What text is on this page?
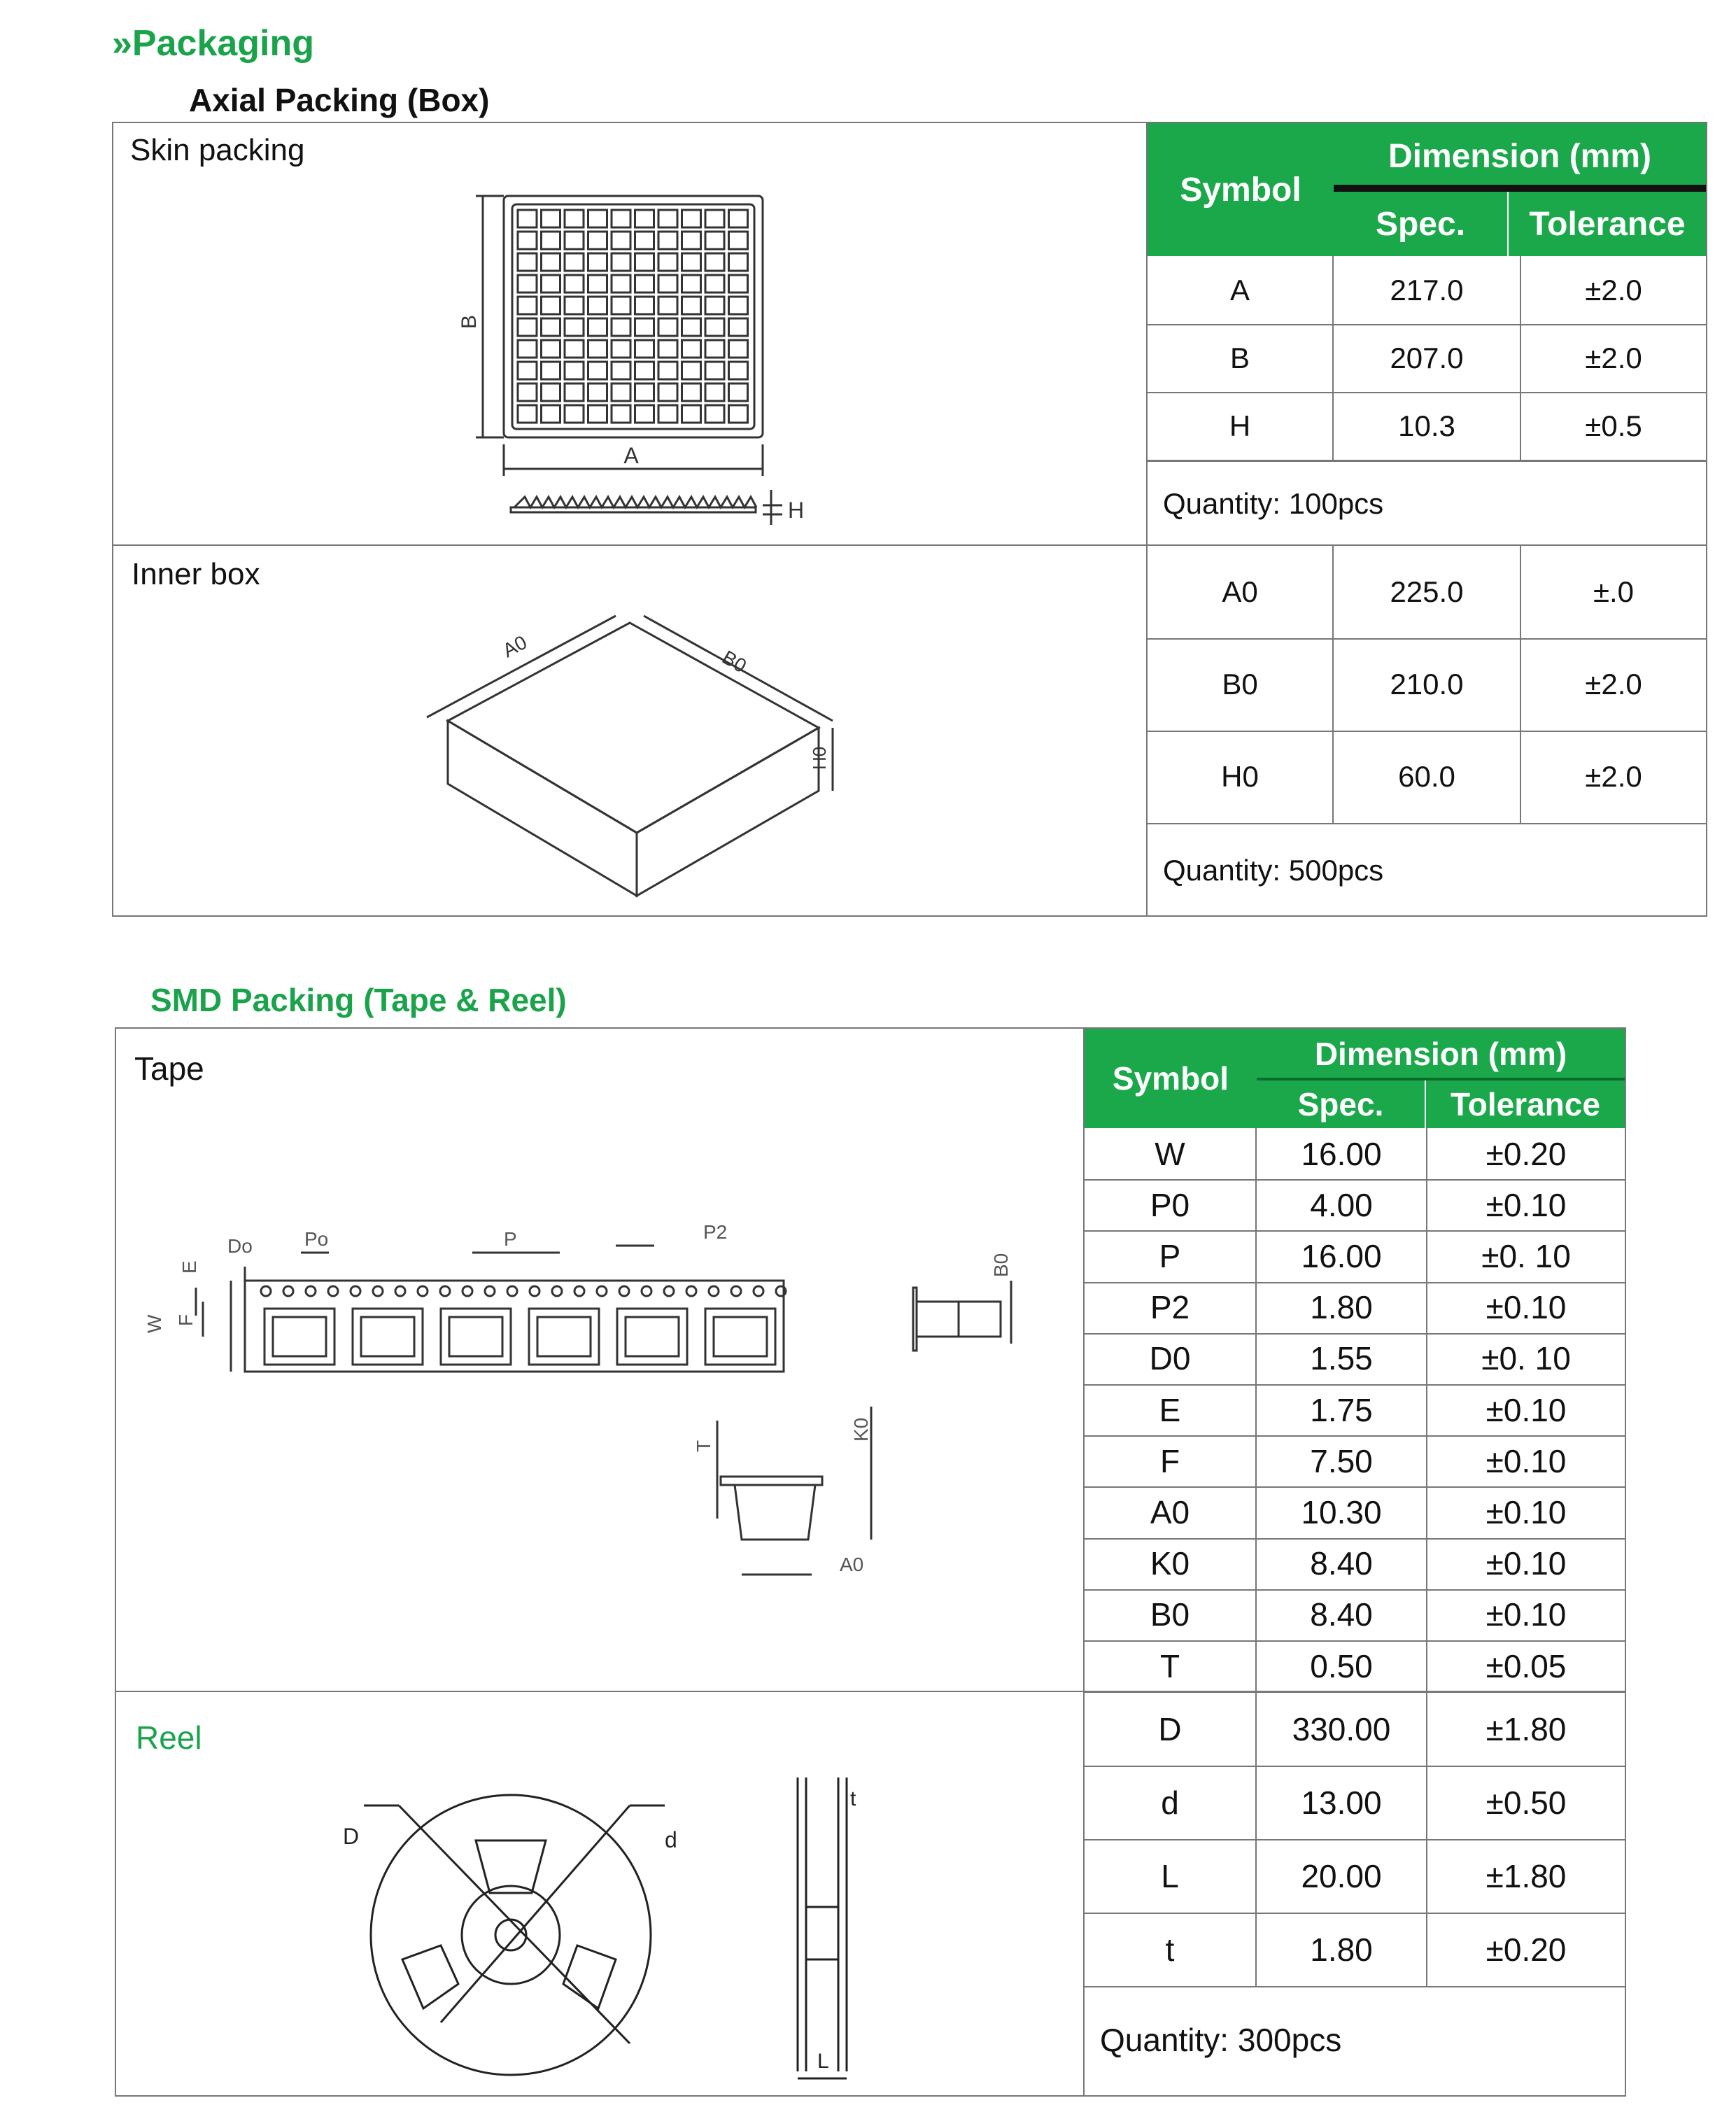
»Packaging
Axial Packing (Box)
Skin packing
Inner box
Symbol
Dimension (mm)
Spec.	Tolerance
A	217.0	±2.0
B	207.0	±2.0
H	10.3	±0.5
Quantity: 100pcs
A0	225.0	±.0
B0	210.0	±2.0
H0	60.0	±2.0
Quantity: 500pcs
B
A
H
A0	B0
H0
SMD Packing (Tape & Reel)
Tape
Reel
Symbol
Dimension (mm)
Spec.	Tolerance
W	16.00	±0.20
P0	4.00	±0.10
P	16.00	±0. 10
P2	1.80	±0.10
D0	1.55	±0. 10
E	1.75	±0.10
F	7.50	±0.10
A0	10.30	±0.10
K0	8.40	±0.10
B0	8.40	±0.10
T	0.50	±0.05
D	330.00	±1.80
d	13.00	±0.50
L	20.00	±1.80
t	1.80	±0.20
Quantity: 300pcs
E
Do	Po	P	P2
W F
B0
T
K0
A0
D	d
t
L
